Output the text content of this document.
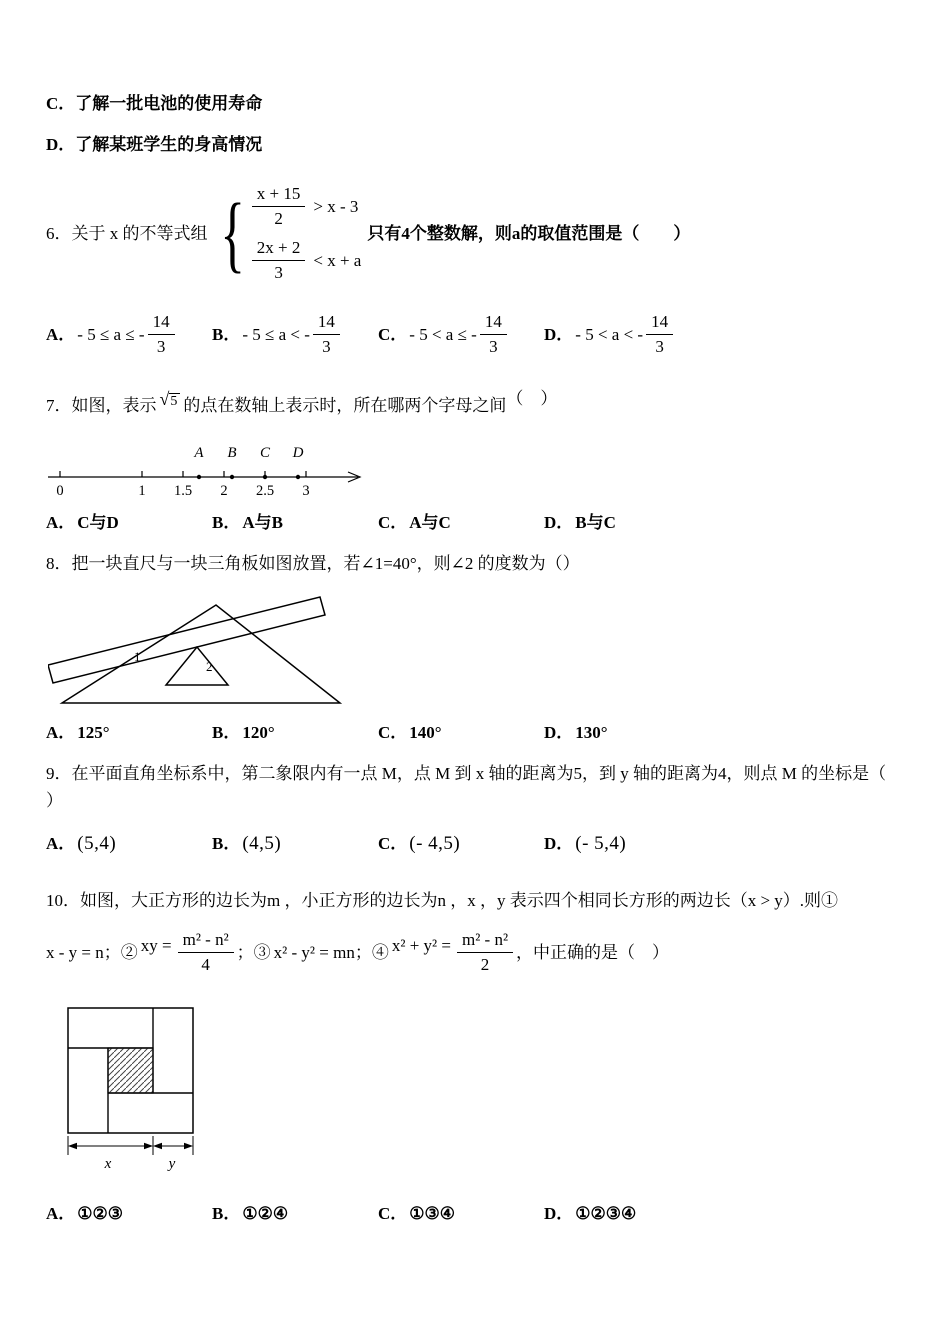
C．了解一批电池的使用寿命
D．了解某班学生的身高情况
6．关于 x 的不等式组 { $\frac{x + 15}{2} > x - 3$
$\frac{2x + 2}{3} < x + a$
只有4个整数解，则a的取值范围是（　　）
A． - 5 ≤ a ≤ - $\frac{14}{3}$ B． - 5 ≤ a < - $\frac{14}{3}$ C． - 5 < a ≤ - $\frac{14}{3}$ D． - 5 < a < - $\frac{14}{3}$
7．如图，表示 √5 的点在数轴上表示时，所在哪两个字母之间（　）
0	1 1.5 2 2.5 3
A B C D
A． C与D	B． A与B	C． A与C	D． B与C
8．把一块直尺与一块三角板如图放置，若∠1=40°，则∠2 的度数为（）
1
2
A． 125°	B． 120°	C． 140°	D． 130°
9．在平面直角坐标系中，第二象限内有一点 M，点 M 到 x 轴的距离为5，到 y 轴的距离为4，则点 M 的坐标是（
）
A． (5,4)	B． (4,5)	C． (- 4,5)	D． (- 5,4)
10．如图，大正方形的边长为m ，小正方形的边长为n ，x ，y 表示四个相同长方形的两边长（x > y）.则①
x - y = n；② xy = $\frac{\text{m² - n²}}{4}$ ；③ x² - y² = mn；④ $x^2 + y^2 = \frac{\text{m² - n²}}{2}$ ，中正确的是（　）
x	y
A． ①②③	B． ①②④	C． ①③④	D． ①②③④
